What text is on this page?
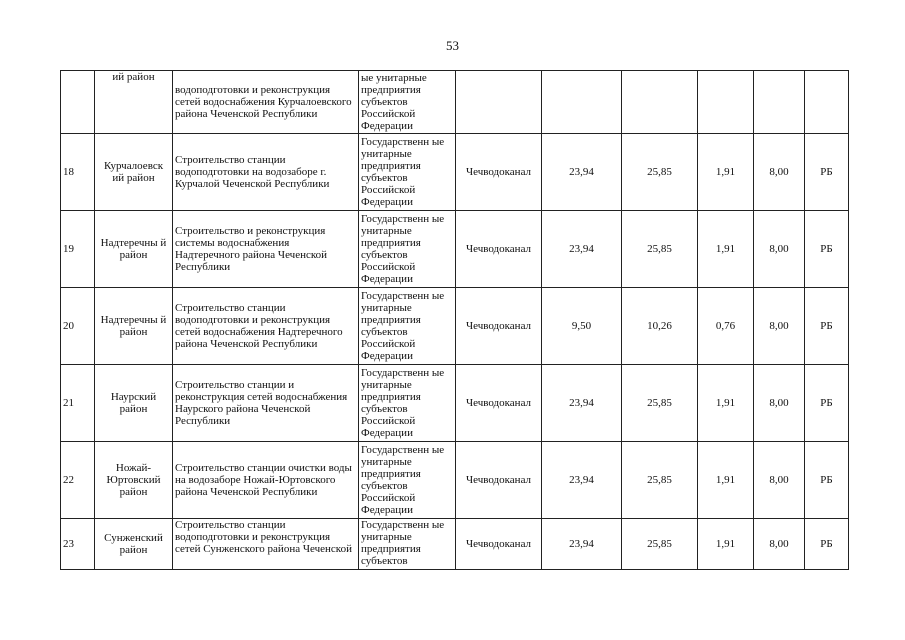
53
	ий район	водоподготовки и реконструкция сетей водоснабжения Курчалоевского района Чеченской Республики	ые унитарные предприятия субъектов Российской Федерации						
18	Курчалоевск ий район	Строительство станции водоподготовки на водозаборе г. Курчалой Чеченской Республики	Государственн ые унитарные предприятия субъектов Российской Федерации	Чечводоканал	23,94	25,85	1,91	8,00	РБ
19	Надтеречны й район	Строительство и реконструкция системы водоснабжения Надтеречного района Чеченской Республики	Государственн ые унитарные предприятия субъектов Российской Федерации	Чечводоканал	23,94	25,85	1,91	8,00	РБ
20	Надтеречны й район	Строительство станции водоподготовки и реконструкция сетей водоснабжения Надтеречного района Чеченской Республики	Государственн ые унитарные предприятия субъектов Российской Федерации	Чечводоканал	9,50	10,26	0,76	8,00	РБ
21	Наурский район	Строительство станции и реконструкция сетей водоснабжения Наурского района Чеченской Республики	Государственн ые унитарные предприятия субъектов Российской Федерации	Чечводоканал	23,94	25,85	1,91	8,00	РБ
22	Ножай-Юртовский район	Строительство станции очистки воды на водозаборе Ножай-Юртовского района Чеченской Республики	Государственн ые унитарные предприятия субъектов Российской Федерации	Чечводоканал	23,94	25,85	1,91	8,00	РБ
23	Сунженский район	Строительство станции водоподготовки и реконструкция сетей Сунженского района Чеченской	Государственн ые унитарные предприятия субъектов	Чечводоканал	23,94	25,85	1,91	8,00	РБ
